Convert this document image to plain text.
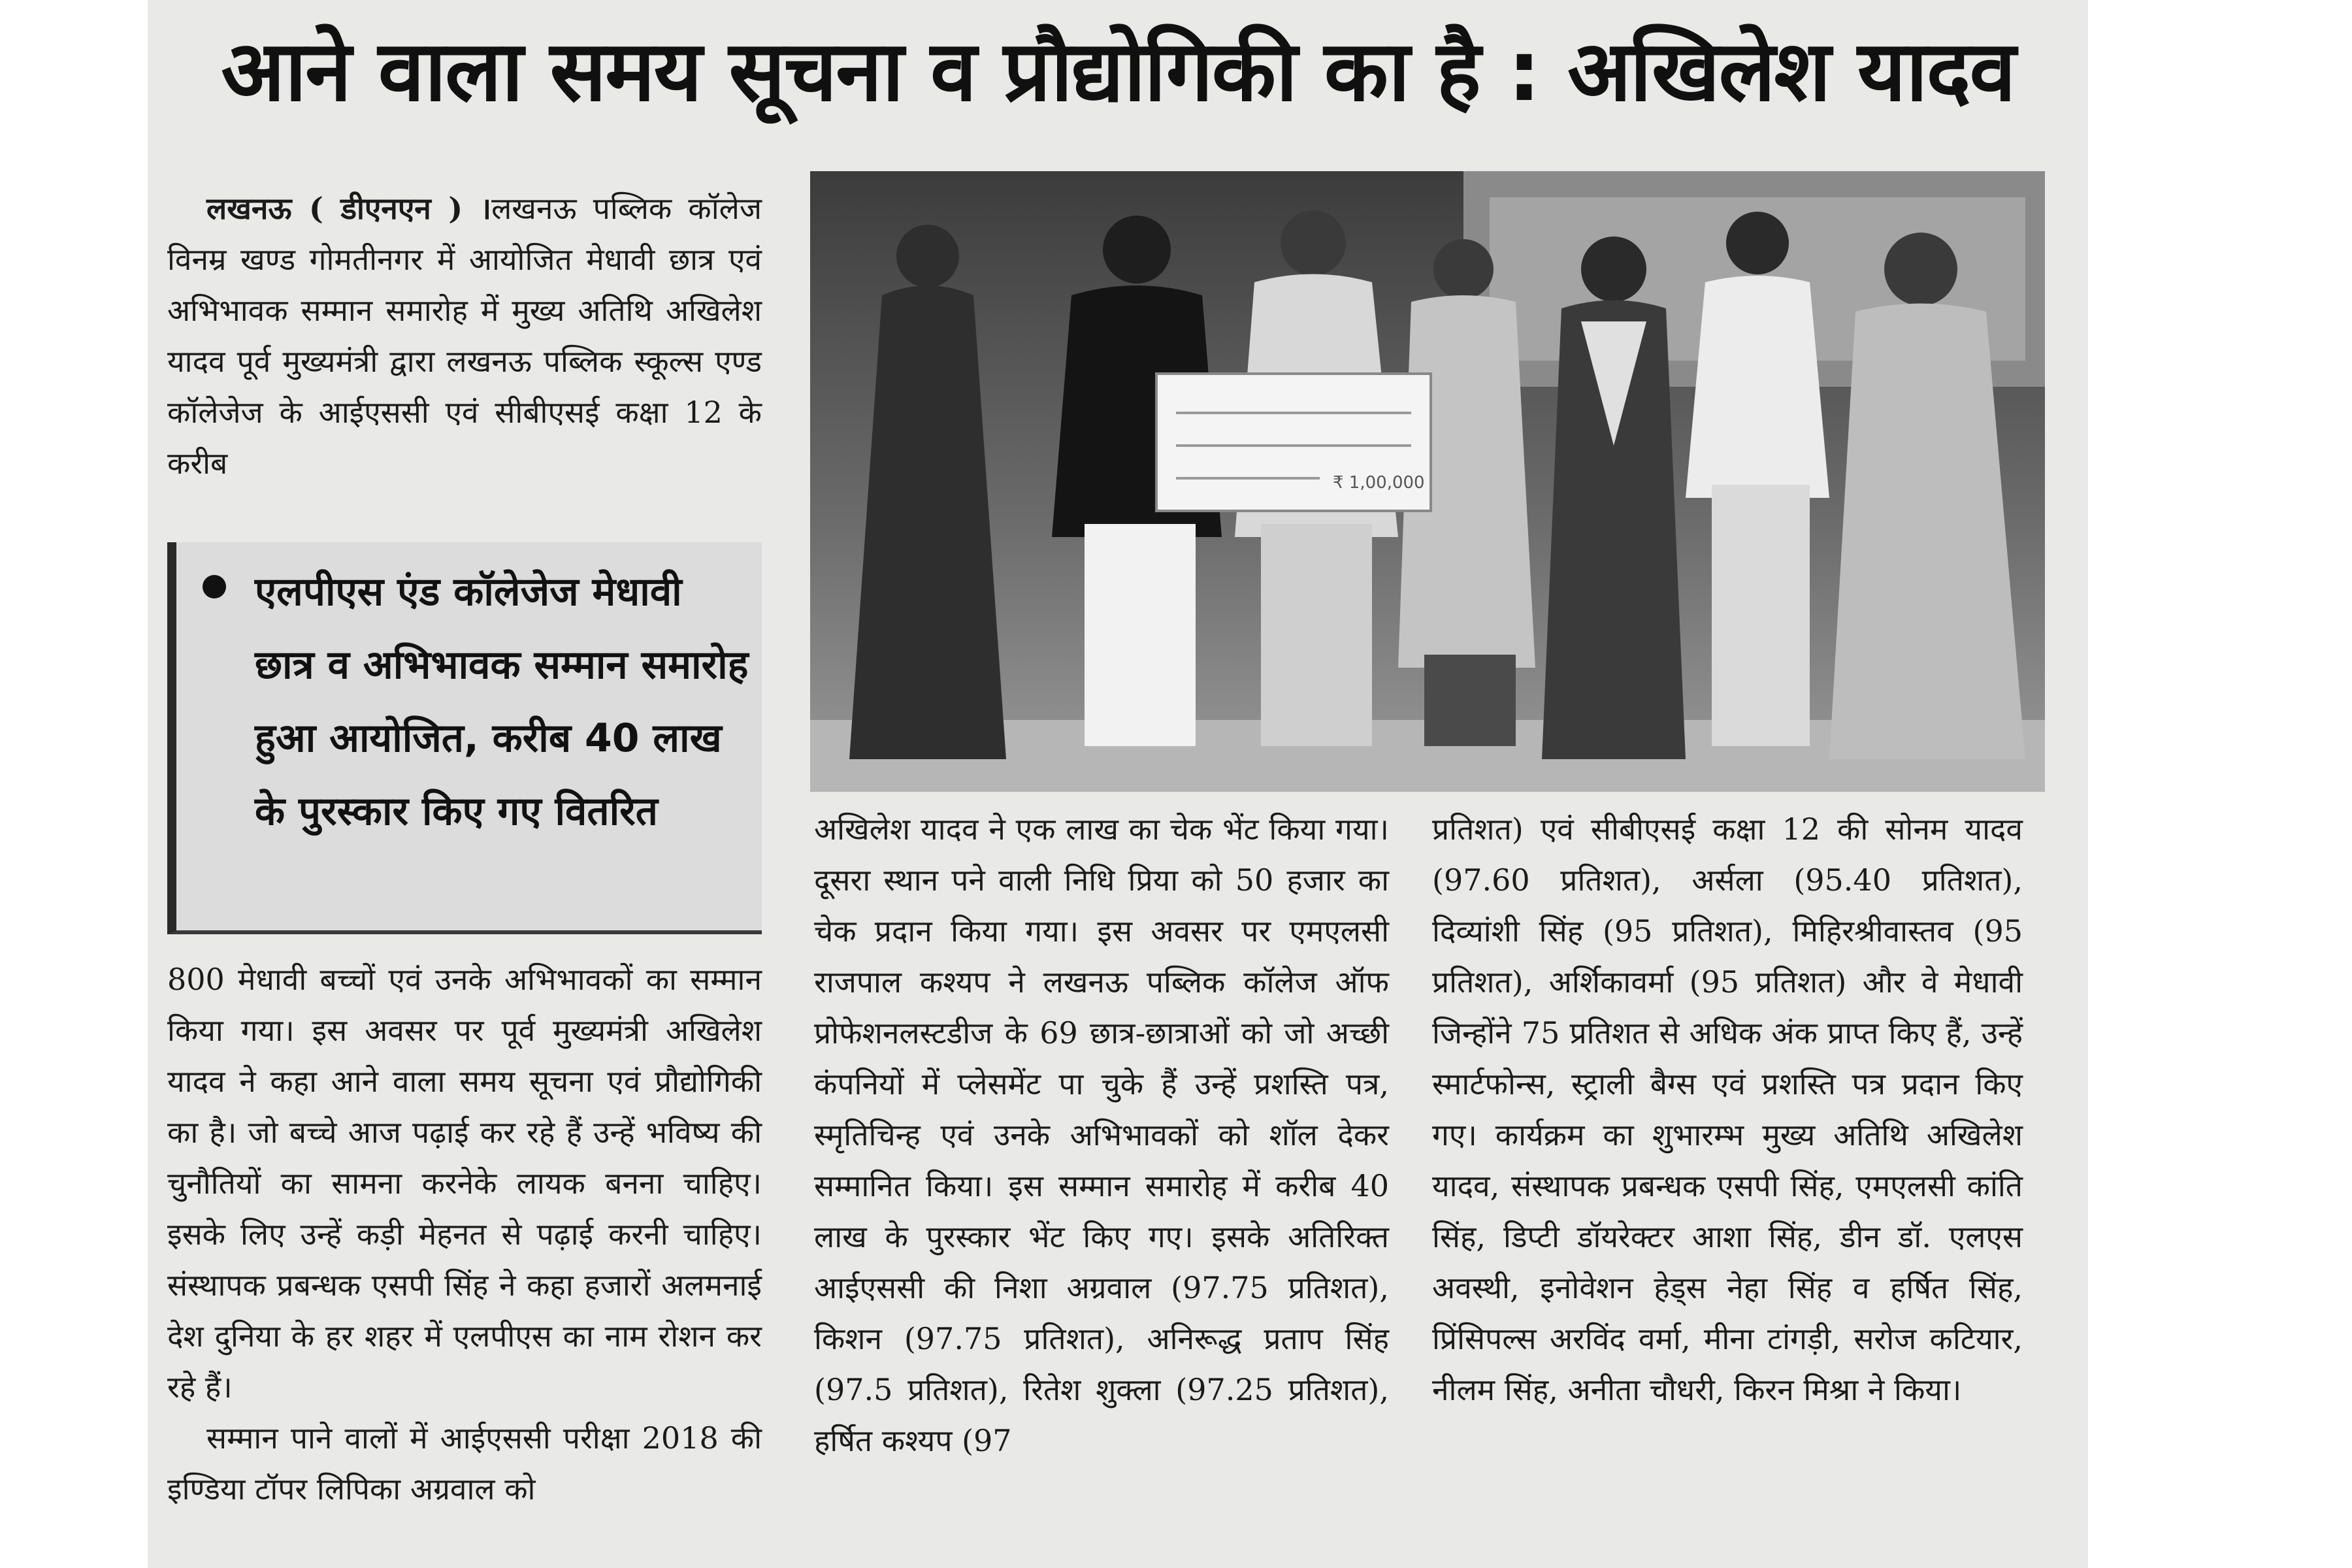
आने वाला समय सूचना व प्रौद्योगिकी का है : अखिलेश यादव

लखनऊ ( डीएनएन ) ।लखनऊ पब्लिक कॉलेज विनम्र खण्ड गोमतीनगर में आयोजित मेधावी छात्र एवं अभिभावक सम्मान समारोह में मुख्य अतिथि अखिलेश यादव पूर्व मुख्यमंत्री द्वारा लखनऊ पब्लिक स्कूल्स एण्ड कॉलेजेज के आईएससी एवं सीबीएसई कक्षा 12 के करीब

एलपीएस एंड कॉलेजेज मेधावी छात्र व अभिभावक सम्मान समारोह हुआ आयोजित, करीब 40 लाख के पुरस्कार किए गए वितरित

800 मेधावी बच्चों एवं उनके अभिभावकों का सम्मान किया गया। इस अवसर पर पूर्व मुख्यमंत्री अखिलेश यादव ने कहा आने वाला समय सूचना एवं प्रौद्योगिकी का है। जो बच्चे आज पढ़ाई कर रहे हैं उन्हें भविष्य की चुनौतियों का सामना करनेके लायक बनना चाहिए। इसके लिए उन्हें कड़ी मेहनत से पढ़ाई करनी चाहिए। संस्थापक प्रबन्धक एसपी सिंह ने कहा हजारों अलमनाई देश दुनिया के हर शहर में एलपीएस का नाम रोशन कर रहे हैं।

सम्मान पाने वालों में आईएससी परीक्षा 2018 की इण्डिया टॉपर लिपिका अग्रवाल को

₹ 1,00,000

अखिलेश यादव ने एक लाख का चेक भेंट किया गया। दूसरा स्थान पने वाली निधि प्रिया को 50 हजार का चेक प्रदान किया गया। इस अवसर पर एमएलसी राजपाल कश्यप ने लखनऊ पब्लिक कॉलेज ऑफ प्रोफेशनलस्टडीज के 69 छात्र-छात्राओं को जो अच्छी कंपनियों में प्लेसमेंट पा चुके हैं उन्हें प्रशस्ति पत्र, स्मृतिचिन्ह एवं उनके अभिभावकों को शॉल देकर सम्मानित किया। इस सम्मान समारोह में करीब 40 लाख के पुरस्कार भेंट किए गए। इसके अतिरिक्त आईएससी की निशा अग्रवाल (97.75 प्रतिशत), किशन (97.75 प्रतिशत), अनिरूद्ध प्रताप सिंह (97.5 प्रतिशत), रितेश शुक्ला (97.25 प्रतिशत), हर्षित कश्यप (97

प्रतिशत) एवं सीबीएसई कक्षा 12 की सोनम यादव (97.60 प्रतिशत), अर्सला (95.40 प्रतिशत), दिव्यांशी सिंह (95 प्रतिशत), मिहिरश्रीवास्तव (95 प्रतिशत), अर्शिकावर्मा (95 प्रतिशत) और वे मेधावी जिन्होंने 75 प्रतिशत से अधिक अंक प्राप्त किए हैं, उन्हें स्मार्टफोन्स, स्ट्राली बैग्स एवं प्रशस्ति पत्र प्रदान किए गए। कार्यक्रम का शुभारम्भ मुख्य अतिथि अखिलेश यादव, संस्थापक प्रबन्धक एसपी सिंह, एमएलसी कांति सिंह, डिप्टी डॉयरेक्टर आशा सिंह, डीन डॉ. एलएस अवस्थी, इनोवेशन हेड्स नेहा सिंह व हर्षित सिंह, प्रिंसिपल्स अरविंद वर्मा, मीना टांगड़ी, सरोज कटियार, नीलम सिंह, अनीता चौधरी, किरन मिश्रा ने किया।
